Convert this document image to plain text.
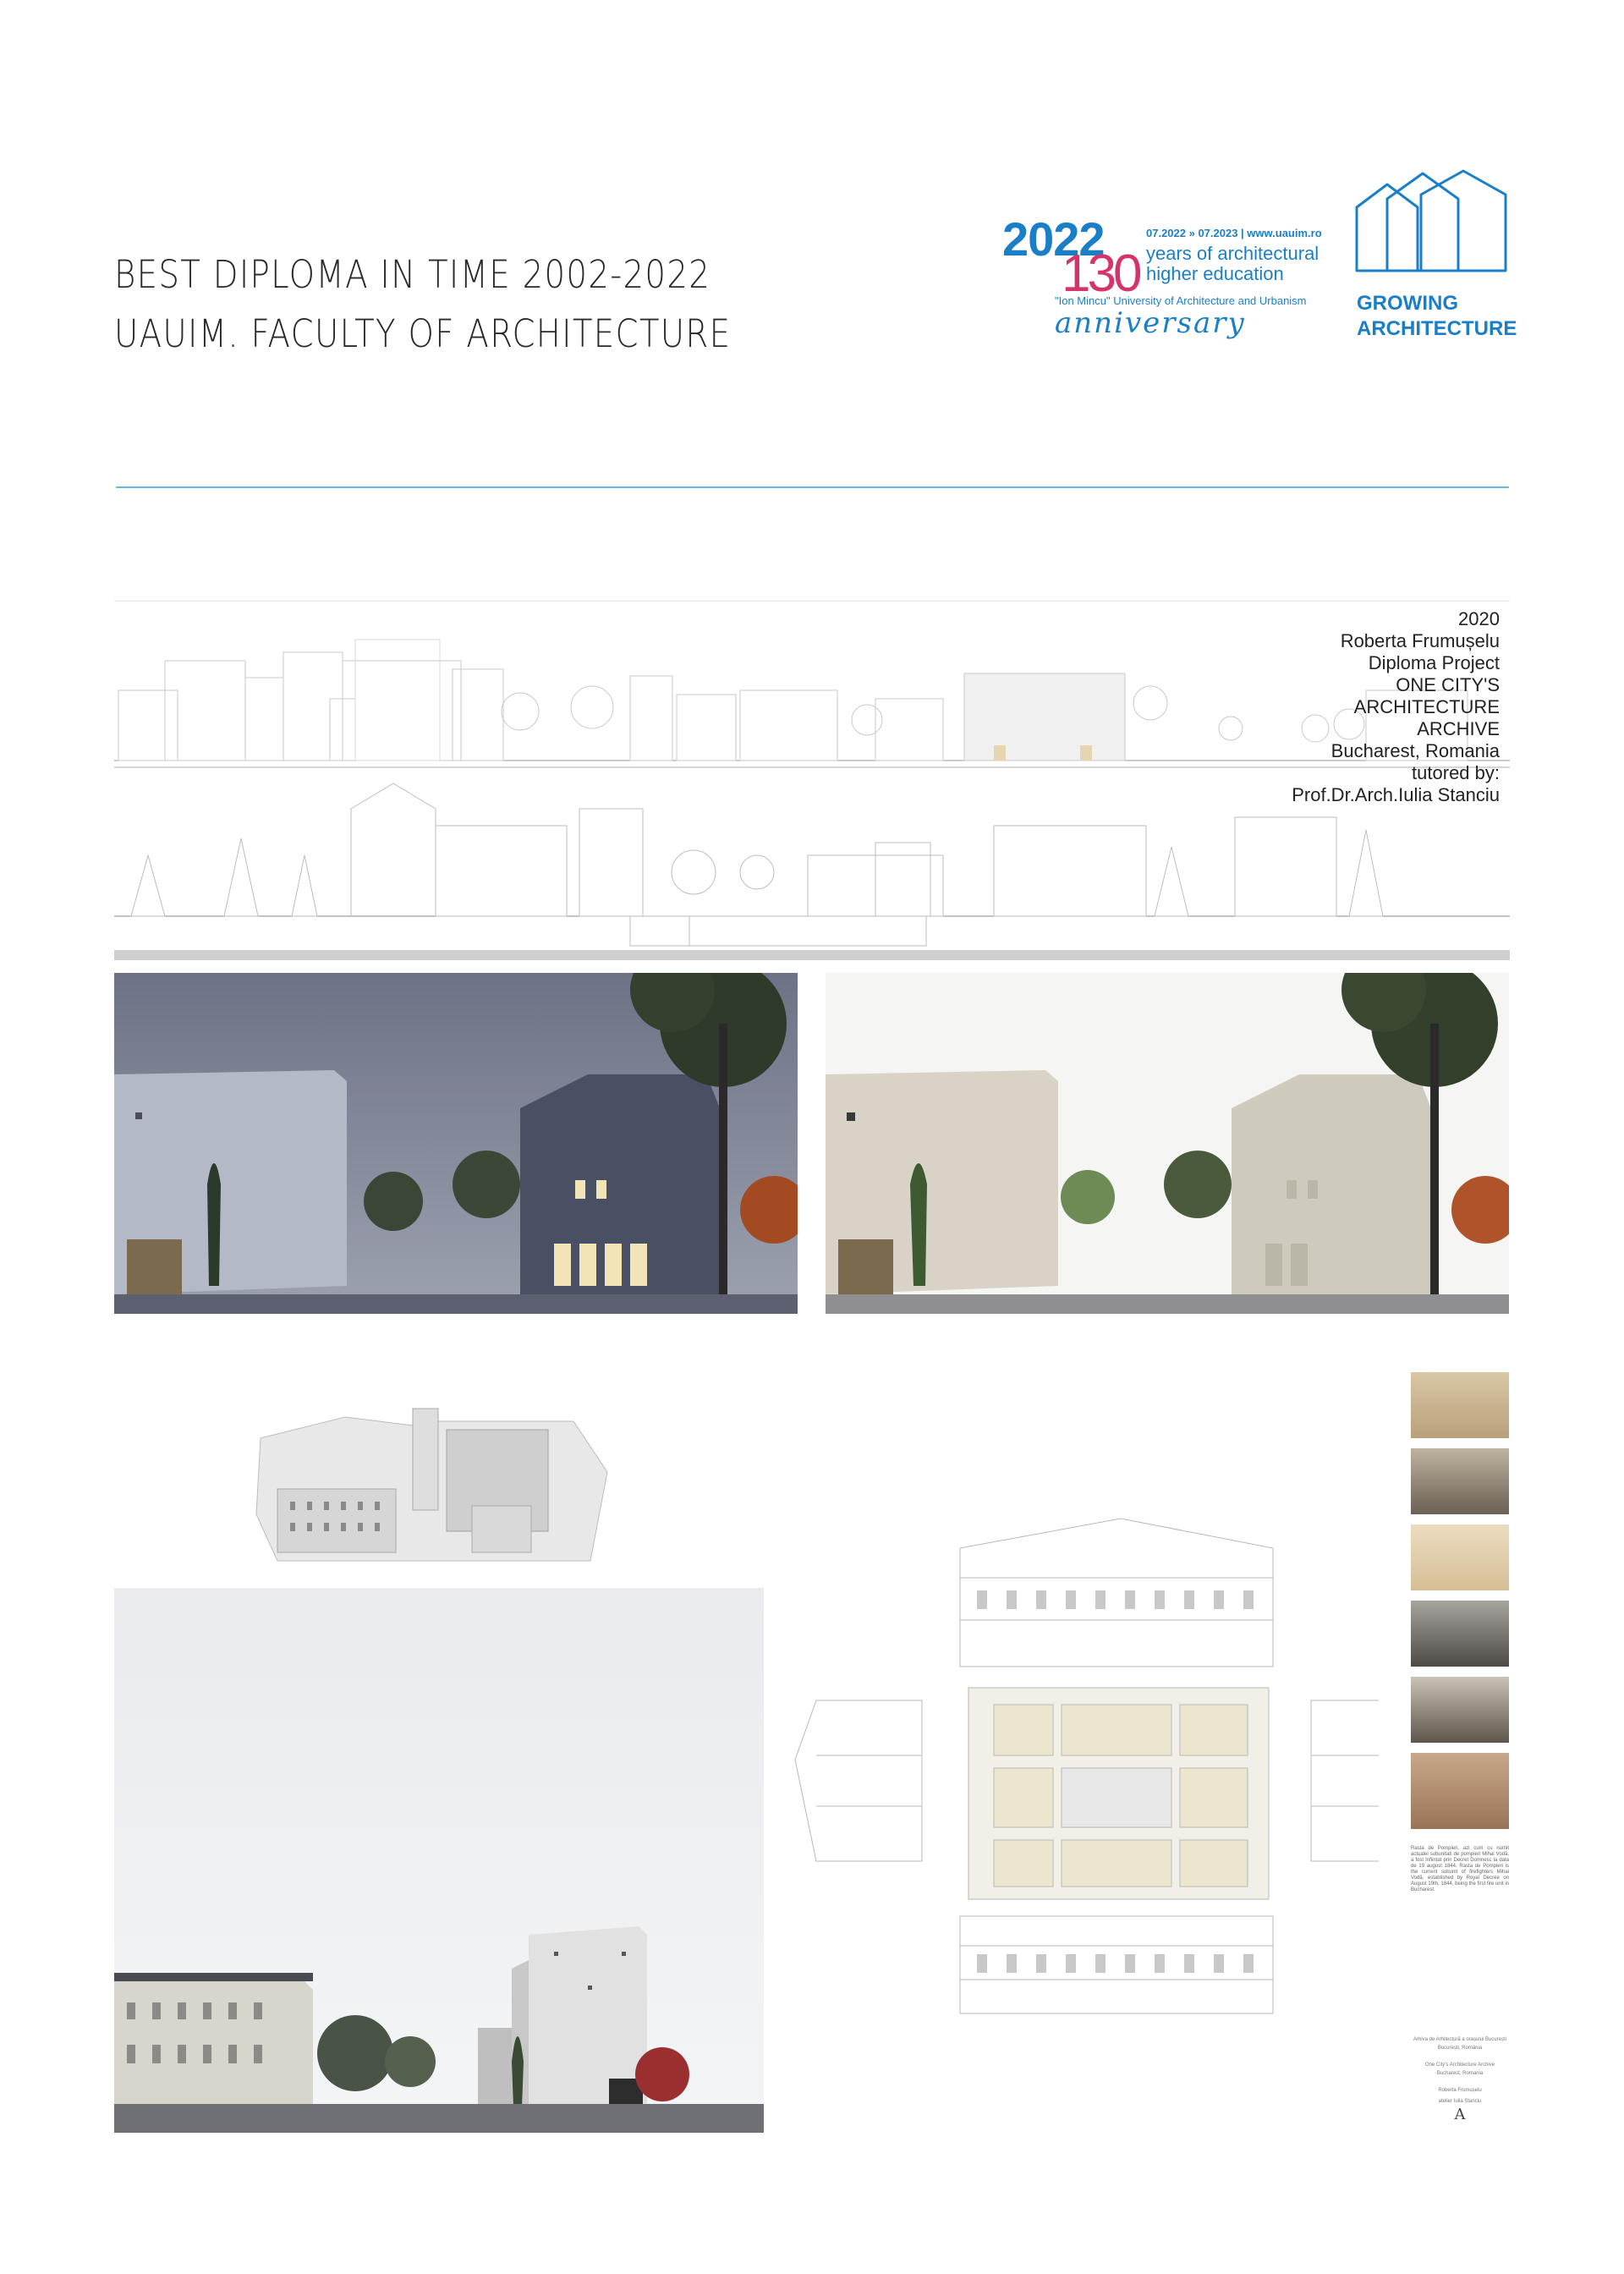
BEST DIPLOMA IN TIME 2002-2022
UAUIM. FACULTY OF ARCHITECTURE
2022
130
07.2022 » 07.2023 | www.uauim.ro
years of architectural
higher education
"Ion Mincu" University of Architecture and Urbanism
anniversary
GROWING
ARCHITECTURE
2020
Roberta Frumușelu
Diploma Project
ONE CITY'S
ARCHITECTURE
ARCHIVE
Bucharest, Romania
tutored by:
Prof.Dr.Arch.Iulia Stanciu
Rasta de Pompieri, azi cum cu numit actualei subunitati de pompieri Mihai Vodă, a fost înființat prin Decret Domnesc la data de 19 august 1844. Rasta de Pompieri is the current subunit of firefighters Mihai Vodă, established by Royal Decree on August 19th, 1844, being the first fire unit in Bucharest.
Arhiva de Arhitectură a orașului București
București, România
One City's Architecture Archive
Bucharest, Romania
Roberta Frumușelu
atelier Iulia Stanciu
A
